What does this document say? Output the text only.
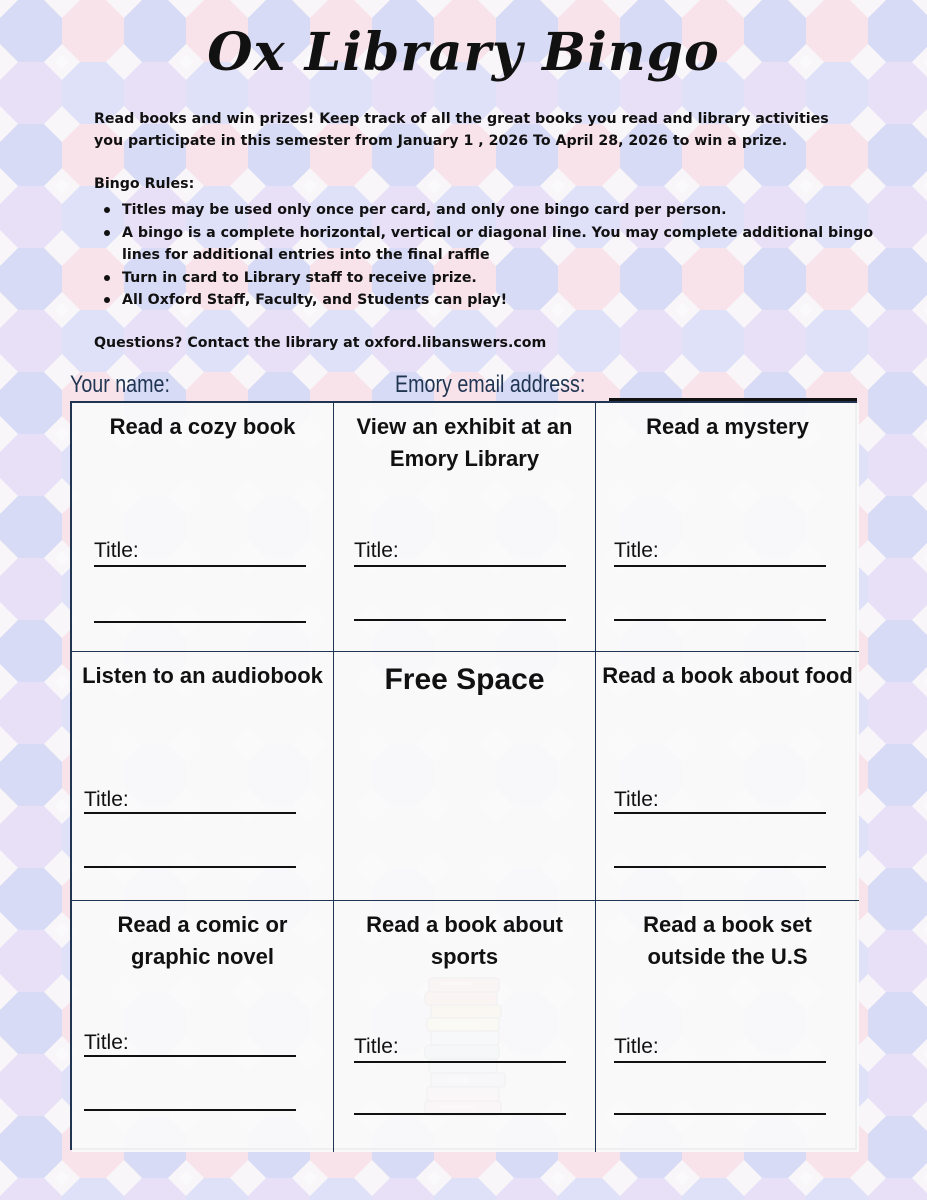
Ox Library Bingo
Read books and win prizes! Keep track of all the great books you read and library activities you participate in this semester from January 1 , 2026 To April 28, 2026 to win a prize.
Bingo Rules:
Titles may be used only once per card, and only one bingo card per person.
A bingo is a complete horizontal, vertical or diagonal line. You may complete additional bingo lines for additional entries into the final raffle
Turn in card to Library staff to receive prize.
All Oxford Staff, Faculty, and Students can play!
Questions? Contact the library at oxford.libanswers.com
Your name:	Emory email address:
Read a cozy book
Title:
View an exhibit at an Emory Library
Title:
Read a mystery
Title:
Listen to an audiobook
Title:
Free Space	Read a book about food
Title:
Read a comic or graphic novel
Title:
Read a book about sports
Title:
Read a book set outside the U.S
Title:
